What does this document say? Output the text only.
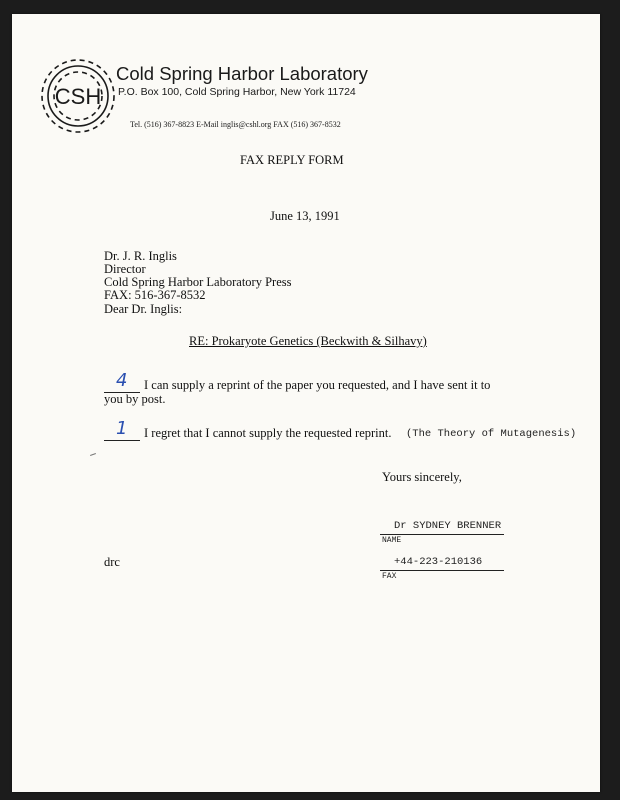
CSH
Cold Spring Harbor Laboratory
P.O. Box 100, Cold Spring Harbor, New York 11724
Tel. (516) 367-8823 E-Mail inglis@cshl.org FAX (516) 367-8532
FAX REPLY FORM
June 13, 1991
Dr. J. R. Inglis
Director
Cold Spring Harbor Laboratory Press
FAX: 516-367-8532
Dear Dr. Inglis:
RE: Prokaryote Genetics (Beckwith & Silhavy)
4 I can supply a reprint of the paper you requested, and I have sent it to
you by post.
1 I regret that I cannot supply the requested reprint. (The Theory of Mutagenesis)
Yours sincerely,
Dr SYDNEY BRENNER
NAME
+44-223-210136
FAX
drc
